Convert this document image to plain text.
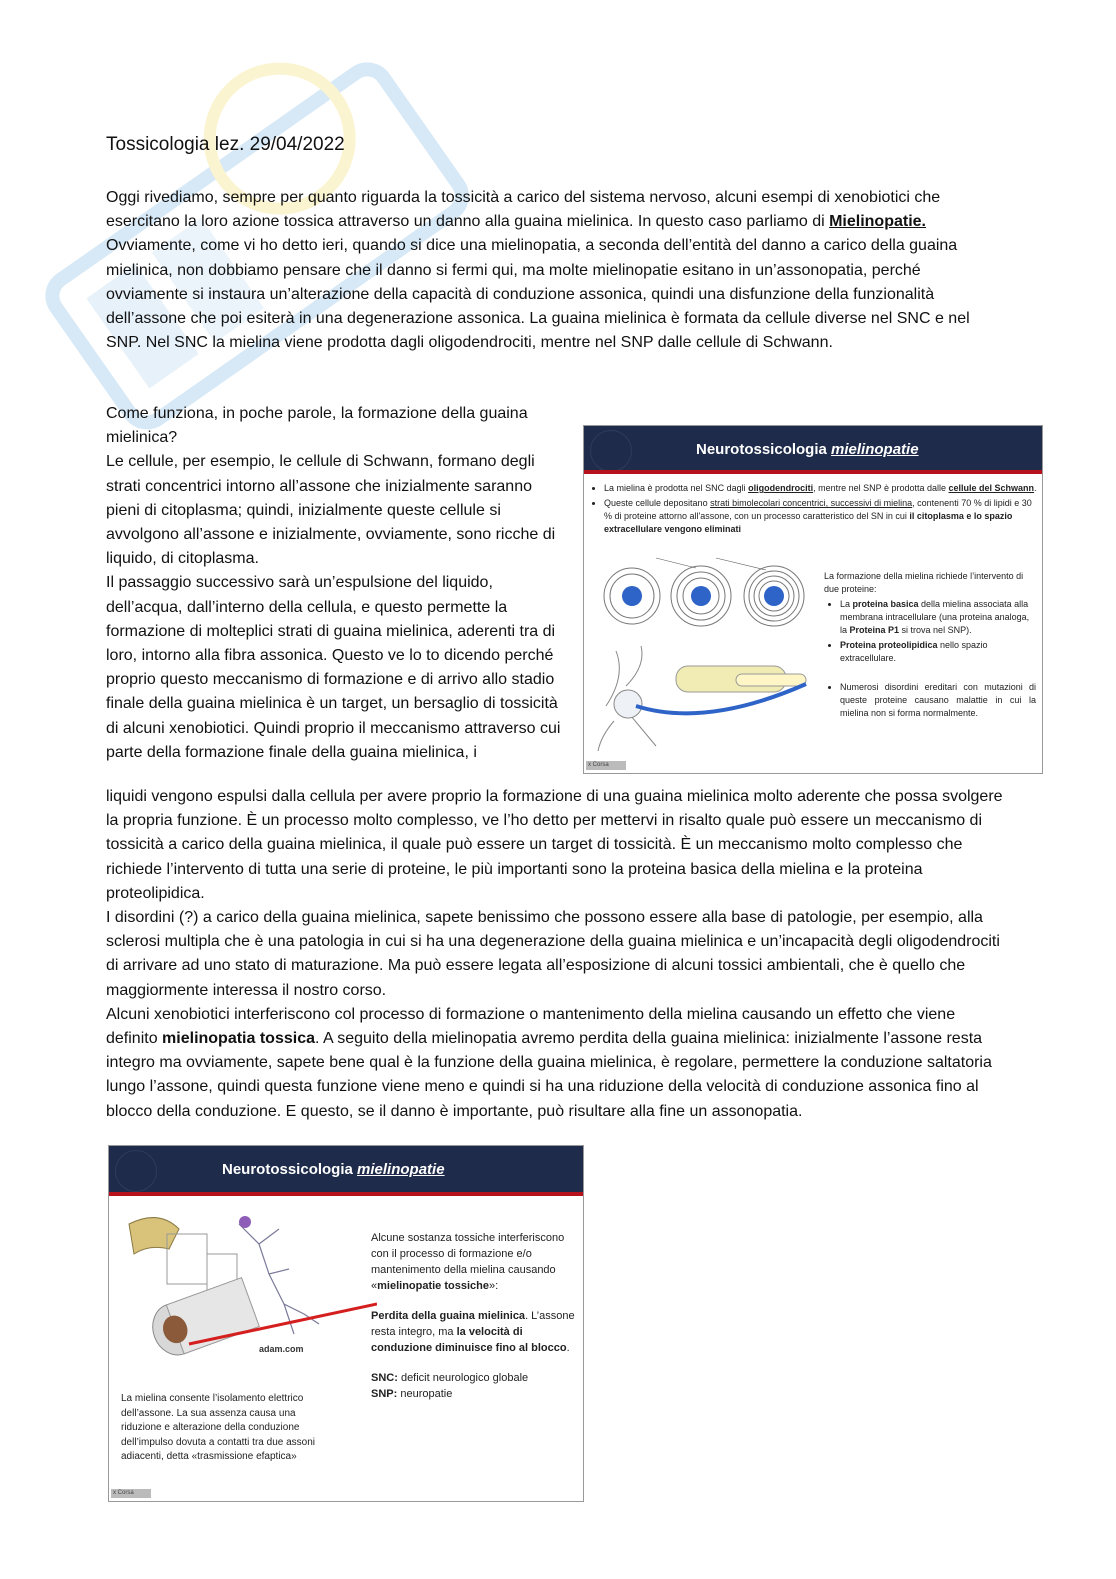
Tossicologia lez. 29/04/2022

Oggi rivediamo, sempre per quanto riguarda la tossicità a carico del sistema nervoso, alcuni esempi di xenobiotici che esercitano la loro azione tossica attraverso un danno alla guaina mielinica. In questo caso parliamo di Mielinopatie.

Ovviamente, come vi ho detto ieri, quando si dice una mielinopatia, a seconda dell’entità del danno a carico della guaina mielinica, non dobbiamo pensare che il danno si fermi qui, ma molte mielinopatie esitano in un’assonopatia, perché ovviamente si instaura un’alterazione della capacità di conduzione assonica, quindi una disfunzione della funzionalità dell’assone che poi esiterà in una degenerazione assonica. La guaina mielinica è formata da cellule diverse nel SNC e nel SNP. Nel SNC la mielina viene prodotta dagli oligodendrociti, mentre nel SNP dalle cellule di Schwann.

Come funziona, in poche parole, la formazione della guaina mielinica?

Le cellule, per esempio, le cellule di Schwann, formano degli strati concentrici intorno all’assone che inizialmente saranno pieni di citoplasma; quindi, inizialmente queste cellule si avvolgono all’assone e inizialmente, ovviamente, sono ricche di liquido, di citoplasma.

Il passaggio successivo sarà un’espulsione del liquido, dell’acqua, dall’interno della cellula, e questo permette la formazione di molteplici strati di guaina mielinica, aderenti tra di loro, intorno alla fibra assonica. Questo ve lo to dicendo perché proprio questo meccanismo di formazione e di arrivo allo stadio finale della guaina mielinica è un target, un bersaglio di tossicità di alcuni xenobiotici. Quindi proprio il meccanismo attraverso cui parte della formazione finale della guaina mielinica, i

Neurotossicologia mielinopatie
• La mielina è prodotta nel SNC dagli oligodendrociti, mentre nel SNP è prodotta dalle cellule del Schwann.
• Queste cellule depositano strati bimolecolari concentrici, successivi di mielina, contenenti 70 % di lipidi e 30 % di proteine attorno all'assone, con un processo caratteristico del SN in cui il citoplasma e lo spazio extracellulare vengono eliminati
La formazione della mielina richiede l’intervento di due proteine:
• La proteina basica della mielina associata alla membrana intracellulare (una proteina analoga, la Proteina P1 si trova nel SNP).
• Proteina proteolipidica nello spazio extracellulare.
• Numerosi disordini ereditari con mutazioni di queste proteine causano malattie in cui la mielina non si forma normalmente.
x Corsa

liquidi vengono espulsi dalla cellula per avere proprio la formazione di una guaina mielinica molto aderente che possa svolgere la propria funzione. È un processo molto complesso, ve l’ho detto per mettervi in risalto quale può essere un meccanismo di tossicità a carico della guaina mielinica, il quale può essere un target di tossicità. È un meccanismo molto complesso che richiede l’intervento di tutta una serie di proteine, le più importanti sono la proteina basica della mielina e la proteina proteolipidica.

I disordini (?) a carico della guaina mielinica, sapete benissimo che possono essere alla base di patologie, per esempio, alla sclerosi multipla che è una patologia in cui si ha una degenerazione della guaina mielinica e un’incapacità degli oligodendrociti di arrivare ad uno stato di maturazione. Ma può essere legata all’esposizione di alcuni tossici ambientali, che è quello che maggiormente interessa il nostro corso.

Alcuni xenobiotici interferiscono col processo di formazione o mantenimento della mielina causando un effetto che viene definito mielinopatia tossica. A seguito della mielinopatia avremo perdita della guaina mielinica: inizialmente l’assone resta integro ma ovviamente, sapete bene qual è la funzione della guaina mielinica, è regolare, permettere la conduzione saltatoria lungo l’assone, quindi questa funzione viene meno e quindi si ha una riduzione della velocità di conduzione assonica fino al blocco della conduzione. E questo, se il danno è importante, può risultare alla fine un assonopatia.

Neurotossicologia mielinopatie
adam.com

Alcune sostanza tossiche interferiscono con il processo di formazione e/o mantenimento della mielina causando «mielinopatie tossiche»:

Perdita della guaina mielinica. L’assone resta integro, ma la velocità di conduzione diminuisce fino al blocco.

SNC: deficit neurologico globale
SNP: neuropatie

La mielina consente l’isolamento elettrico dell’assone. La sua assenza causa una riduzione e alterazione della conduzione dell’impulso dovuta a contatti tra due assoni adiacenti, detta «trasmissione efaptica»
x Corsa
